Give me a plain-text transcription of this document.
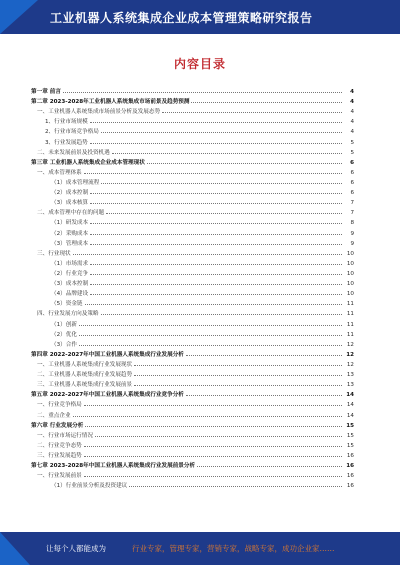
工业机器人系统集成企业成本管理策略研究报告
内容目录
第一章 前言	4
第二章 2023-2028年工业机器人系统集成市场前景及趋势预测	4
一、工业机器人系统集成市场前景分析及发展态势	4
1、行业市场规模	4
2、行业市场竞争格局	4
3、行业发展趋势	5
二、未来发展前景及投资机遇	5
第三章 工业机器人系统集成企业成本管理现状	6
一、成本管理体系	6
（1）成本管理流程	6
（2）成本控制	6
（3）成本核算	7
二、成本管理中存在的问题	7
（1）研发成本	8
（2）采购成本	9
（3）管理成本	9
三、行业现状	10
（1）市场需求	10
（2）行业竞争	10
（3）成本控制	10
（4）品牌建设	10
（5）资金链	11
四、行业发展方向及策略	11
（1）创新	11
（2）优化	11
（3）合作	12
第四章 2022-2027年中国工业机器人系统集成行业发展分析	12
一、工业机器人系统集成行业发展现状	12
二、工业机器人系统集成行业发展趋势	13
三、工业机器人系统集成行业发展前景	13
第五章 2022-2027年中国工业机器人系统集成行业竞争分析	14
一、行业竞争格局	14
二、重点企业	14
第六章 行业发展分析	15
一、行业市场运行情况	15
二、行业竞争态势	15
三、行业发展趋势	16
第七章 2023-2028年中国工业机器人系统集成行业发展前景分析	16
一、行业发展前景	16
（1）行业前景分析及投资建议	16
让每个人都能成为	行业专家，管理专家，营销专家，战略专家，成功企业家……
